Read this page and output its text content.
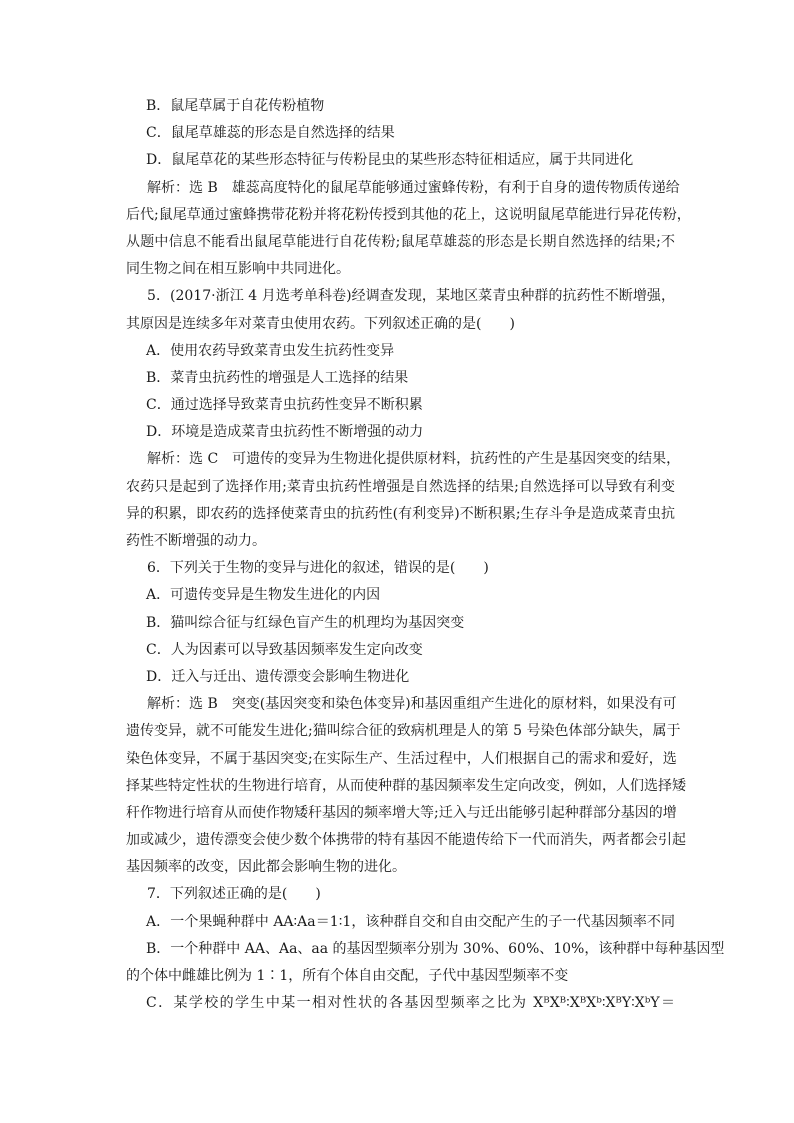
B．鼠尾草属于自花传粉植物
C．鼠尾草雄蕊的形态是自然选择的结果
D．鼠尾草花的某些形态特征与传粉昆虫的某些形态特征相适应，属于共同进化
解析：选 B　雄蕊高度特化的鼠尾草能够通过蜜蜂传粉，有利于自身的遗传物质传递给
后代;鼠尾草通过蜜蜂携带花粉并将花粉传授到其他的花上，这说明鼠尾草能进行异花传粉，
从题中信息不能看出鼠尾草能进行自花传粉;鼠尾草雄蕊的形态是长期自然选择的结果;不
同生物之间在相互影响中共同进化。
5．(2017·浙江 4 月选考单科卷)经调查发现，某地区菜青虫种群的抗药性不断增强，
其原因是连续多年对菜青虫使用农药。下列叙述正确的是(　　)
A．使用农药导致菜青虫发生抗药性变异
B．菜青虫抗药性的增强是人工选择的结果
C．通过选择导致菜青虫抗药性变异不断积累
D．环境是造成菜青虫抗药性不断增强的动力
解析：选 C　可遗传的变异为生物进化提供原材料，抗药性的产生是基因突变的结果，
农药只是起到了选择作用;菜青虫抗药性增强是自然选择的结果;自然选择可以导致有利变
异的积累，即农药的选择使菜青虫的抗药性(有利变异)不断积累;生存斗争是造成菜青虫抗
药性不断增强的动力。
6．下列关于生物的变异与进化的叙述，错误的是(　　)
A．可遗传变异是生物发生进化的内因
B．猫叫综合征与红绿色盲产生的机理均为基因突变
C．人为因素可以导致基因频率发生定向改变
D．迁入与迁出、遗传漂变会影响生物进化
解析：选 B　突变(基因突变和染色体变异)和基因重组产生进化的原材料，如果没有可
遗传变异，就不可能发生进化;猫叫综合征的致病机理是人的第 5 号染色体部分缺失，属于
染色体变异，不属于基因突变;在实际生产、生活过程中，人们根据自己的需求和爱好，选
择某些特定性状的生物进行培育，从而使种群的基因频率发生定向改变，例如，人们选择矮
秆作物进行培育从而使作物矮秆基因的频率增大等;迁入与迁出能够引起种群部分基因的增
加或减少，遗传漂变会使少数个体携带的特有基因不能遗传给下一代而消失，两者都会引起
基因频率的改变，因此都会影响生物的进化。
7．下列叙述正确的是(　　)
A．一个果蝇种群中 AA∶Aa＝1∶1，该种群自交和自由交配产生的子一代基因频率不同
B．一个种群中 AA、Aa、aa 的基因型频率分别为 30%、60%、10%，该种群中每种基因型
的个体中雌雄比例为 1∶1，所有个体自由交配，子代中基因型频率不变
C．某学校的学生中某一相对性状的各基因型频率之比为 XᴮXᴮ∶XᴮXᵇ∶XᴮY∶XᵇY＝
